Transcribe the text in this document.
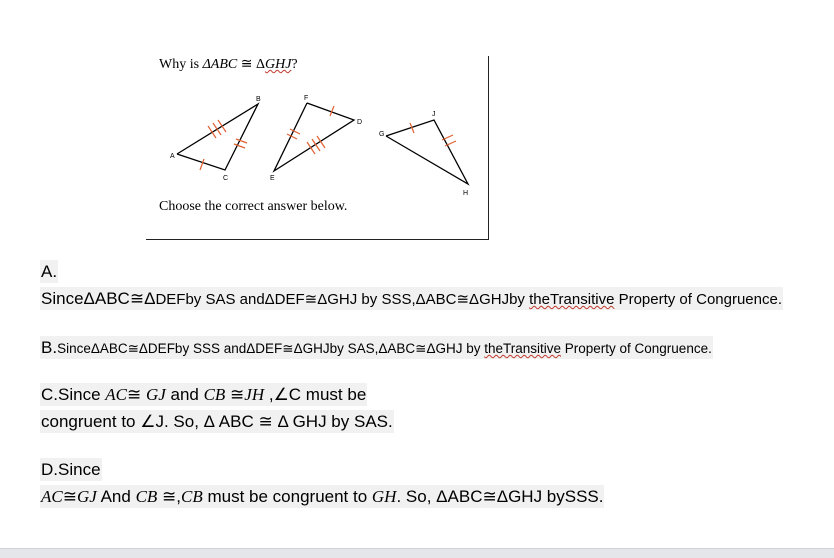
Why is ΔABC ≅ ΔGHJ?
A
B
C
F
D
E
G
J
H
Choose the correct answer below.
A.
SinceΔABC≅ΔDEFby SAS andΔDEF≅ΔGHJ by SSS,ΔABC≅ΔGHJby theTransitive Property of Congruence.
B.SinceΔABC≅ΔDEFby SSS andΔDEF≅ΔGHJby SAS,ΔABC≅ΔGHJ by theTransitive Property of Congruence.
C.Since AC≅ GJ and CB ≅JH ,∠C must be
congruent to ∠J. So, Δ ABC ≅ Δ GHJ by SAS.
D.Since
AC≅GJ And CB ≅,CB must be congruent to GH. So, ΔABC≅ΔGHJ bySSS.
